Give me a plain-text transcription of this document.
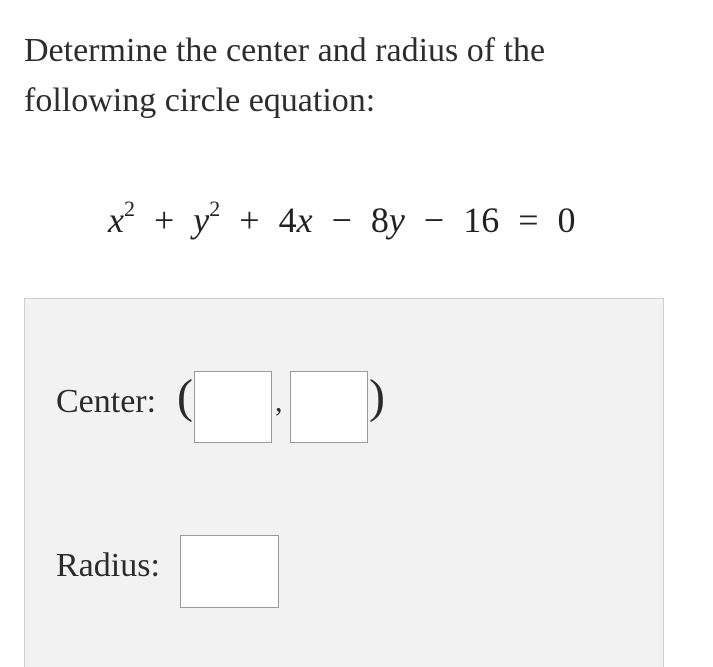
Determine the center and radius of the
following circle equation:
$x^2 + y^2 + 4x - 8y - 16 = 0$
Center: (	, )
Radius:
